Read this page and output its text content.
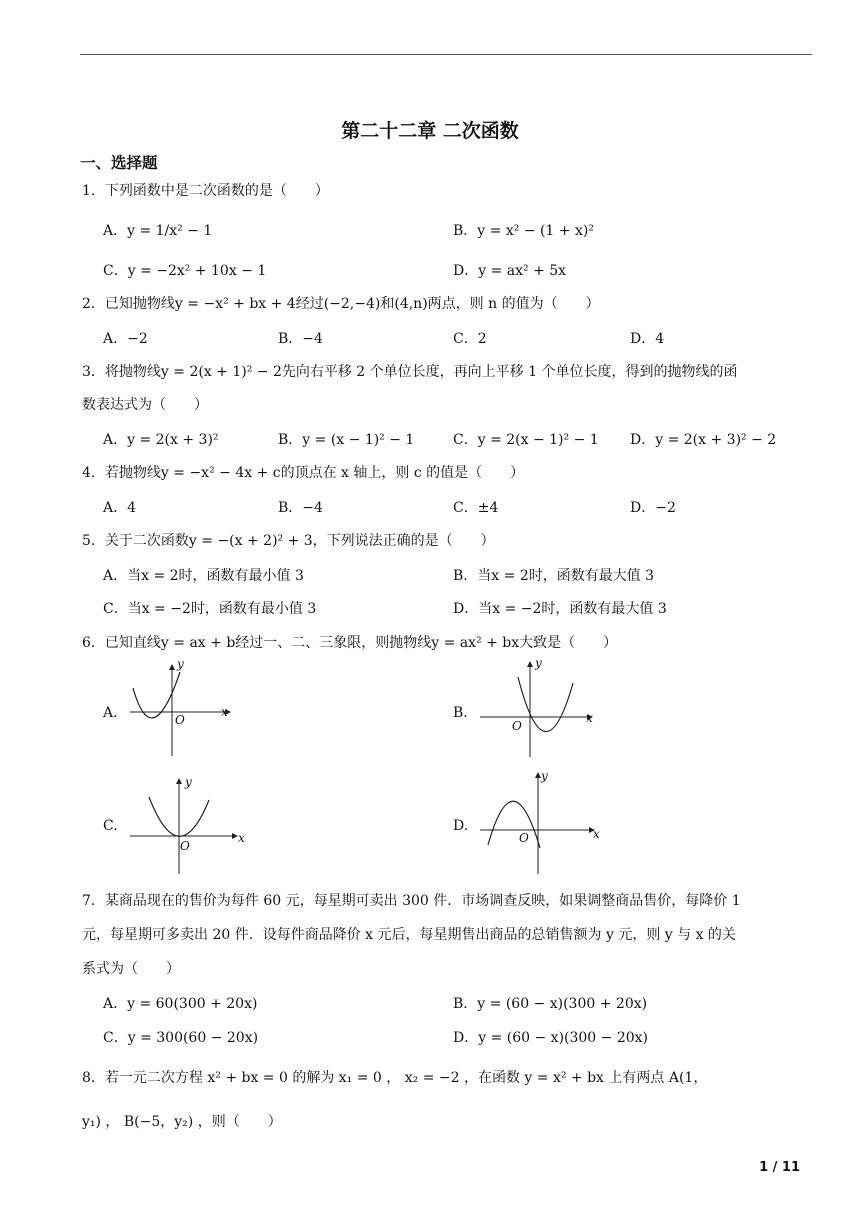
第二十二章 二次函数
一、选择题
1．下列函数中是二次函数的是（　　）
A．y = 1/x² − 1	B．y = x² − (1 + x)²
C．y = −2x² + 10x − 1	D．y = ax² + 5x
2．已知抛物线y = −x² + bx + 4经过(−2,−4)和(4,n)两点，则 n 的值为（　　）
A．−2	B．−4	C．2	D．4
3．将抛物线y = 2(x + 1)² − 2先向右平移 2 个单位长度，再向上平移 1 个单位长度，得到的抛物线的函
数表达式为（　　）
A．y = 2(x + 3)²	B．y = (x − 1)² − 1	C．y = 2(x − 1)² − 1 D．y = 2(x + 3)² − 2
4．若抛物线y = −x² − 4x + c的顶点在 x 轴上，则 c 的值是（　　）
A．4	B．−4	C．±4	D．−2
5．关于二次函数y = −(x + 2)² + 3，下列说法正确的是（　　）
A．当x = 2时，函数有最小值 3	B．当x = 2时，函数有最大值 3
C．当x = −2时，函数有最小值 3	D．当x = −2时，函数有最大值 3
6．已知直线y = ax + b经过一、二、三象限，则抛物线y = ax² + bx大致是（　　）
A.
y
x
O	B.
y
x
O
C.
y
x
O
D.
y
x
O
7．某商品现在的售价为每件 60 元，每星期可卖出 300 件．市场调查反映，如果调整商品售价，每降价 1
元，每星期可多卖出 20 件．设每件商品降价 x 元后，每星期售出商品的总销售额为 y 元，则 y 与 x 的关
系式为（　　）
A．y = 60(300 + 20x)	B．y = (60 − x)(300 + 20x)
C．y = 300(60 − 20x)	D．y = (60 − x)(300 − 20x)
8．若一元二次方程 x² + bx = 0 的解为 x₁ = 0 ， x₂ = −2 ，在函数 y = x² + bx 上有两点 A(1，
y₁) ， B(−5，y₂) ，则（　　）
1 / 11
